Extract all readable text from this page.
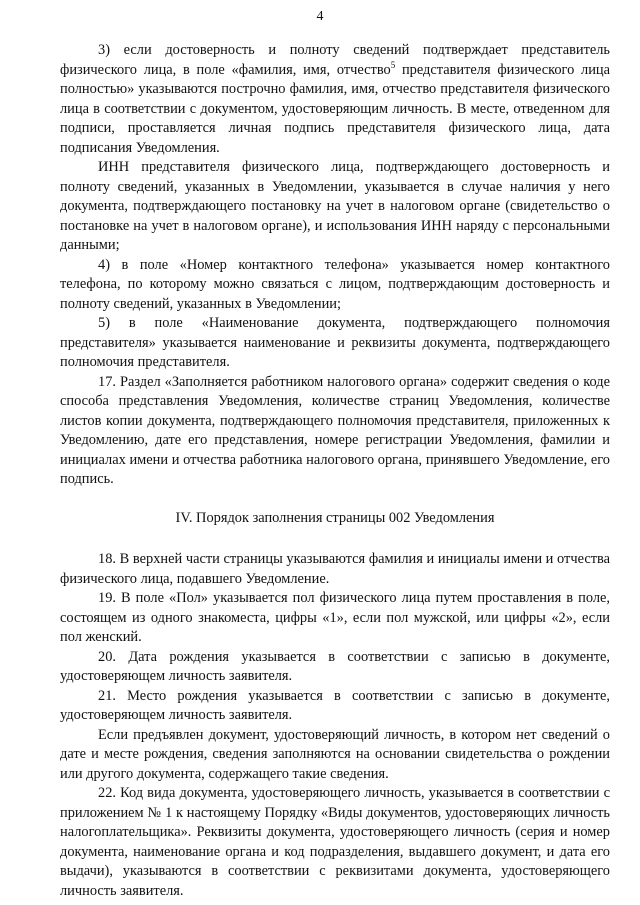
4

3) если достоверность и полноту сведений подтверждает представитель физического лица, в поле «фамилия, имя, отчество$^5$ представителя физического лица полностью» указываются построчно фамилия, имя, отчество представителя физического лица в соответствии с документом, удостоверяющим личность. В месте, отведенном для подписи, проставляется личная подпись представителя физического лица, дата подписания Уведомления.

ИНН представителя физического лица, подтверждающего достоверность и полноту сведений, указанных в Уведомлении, указывается в случае наличия у него документа, подтверждающего постановку на учет в налоговом органе (свидетельство о постановке на учет в налоговом органе), и использования ИНН наряду с персональными данными;

4) в поле «Номер контактного телефона» указывается номер контактного телефона, по которому можно связаться с лицом, подтверждающим достоверность и полноту сведений, указанных в Уведомлении;

5) в поле «Наименование документа, подтверждающего полномочия представителя» указывается наименование и реквизиты документа, подтверждающего полномочия представителя.

17. Раздел «Заполняется работником налогового органа» содержит сведения о коде способа представления Уведомления, количестве страниц Уведомления, количестве листов копии документа, подтверждающего полномочия представителя, приложенных к Уведомлению, дате его представления, номере регистрации Уведомления, фамилии и инициалах имени и отчества работника налогового органа, принявшего Уведомление, его подпись.

IV. Порядок заполнения страницы 002 Уведомления

18. В верхней части страницы указываются фамилия и инициалы имени и отчества физического лица, подавшего Уведомление.

19. В поле «Пол» указывается пол физического лица путем проставления в поле, состоящем из одного знакоместа, цифры «1», если пол мужской, или цифры «2», если пол женский.

20. Дата рождения указывается в соответствии с записью в документе, удостоверяющем личность заявителя.

21. Место рождения указывается в соответствии с записью в документе, удостоверяющем личность заявителя.

Если предъявлен документ, удостоверяющий личность, в котором нет сведений о дате и месте рождения, сведения заполняются на основании свидетельства о рождении или другого документа, содержащего такие сведения.

22. Код вида документа, удостоверяющего личность, указывается в соответствии с приложением № 1 к настоящему Порядку «Виды документов, удостоверяющих личность налогоплательщика». Реквизиты документа, удостоверяющего личность (серия и номер документа, наименование органа и код подразделения, выдавшего документ, и дата его выдачи), указываются в соответствии с реквизитами документа, удостоверяющего личность заявителя.
